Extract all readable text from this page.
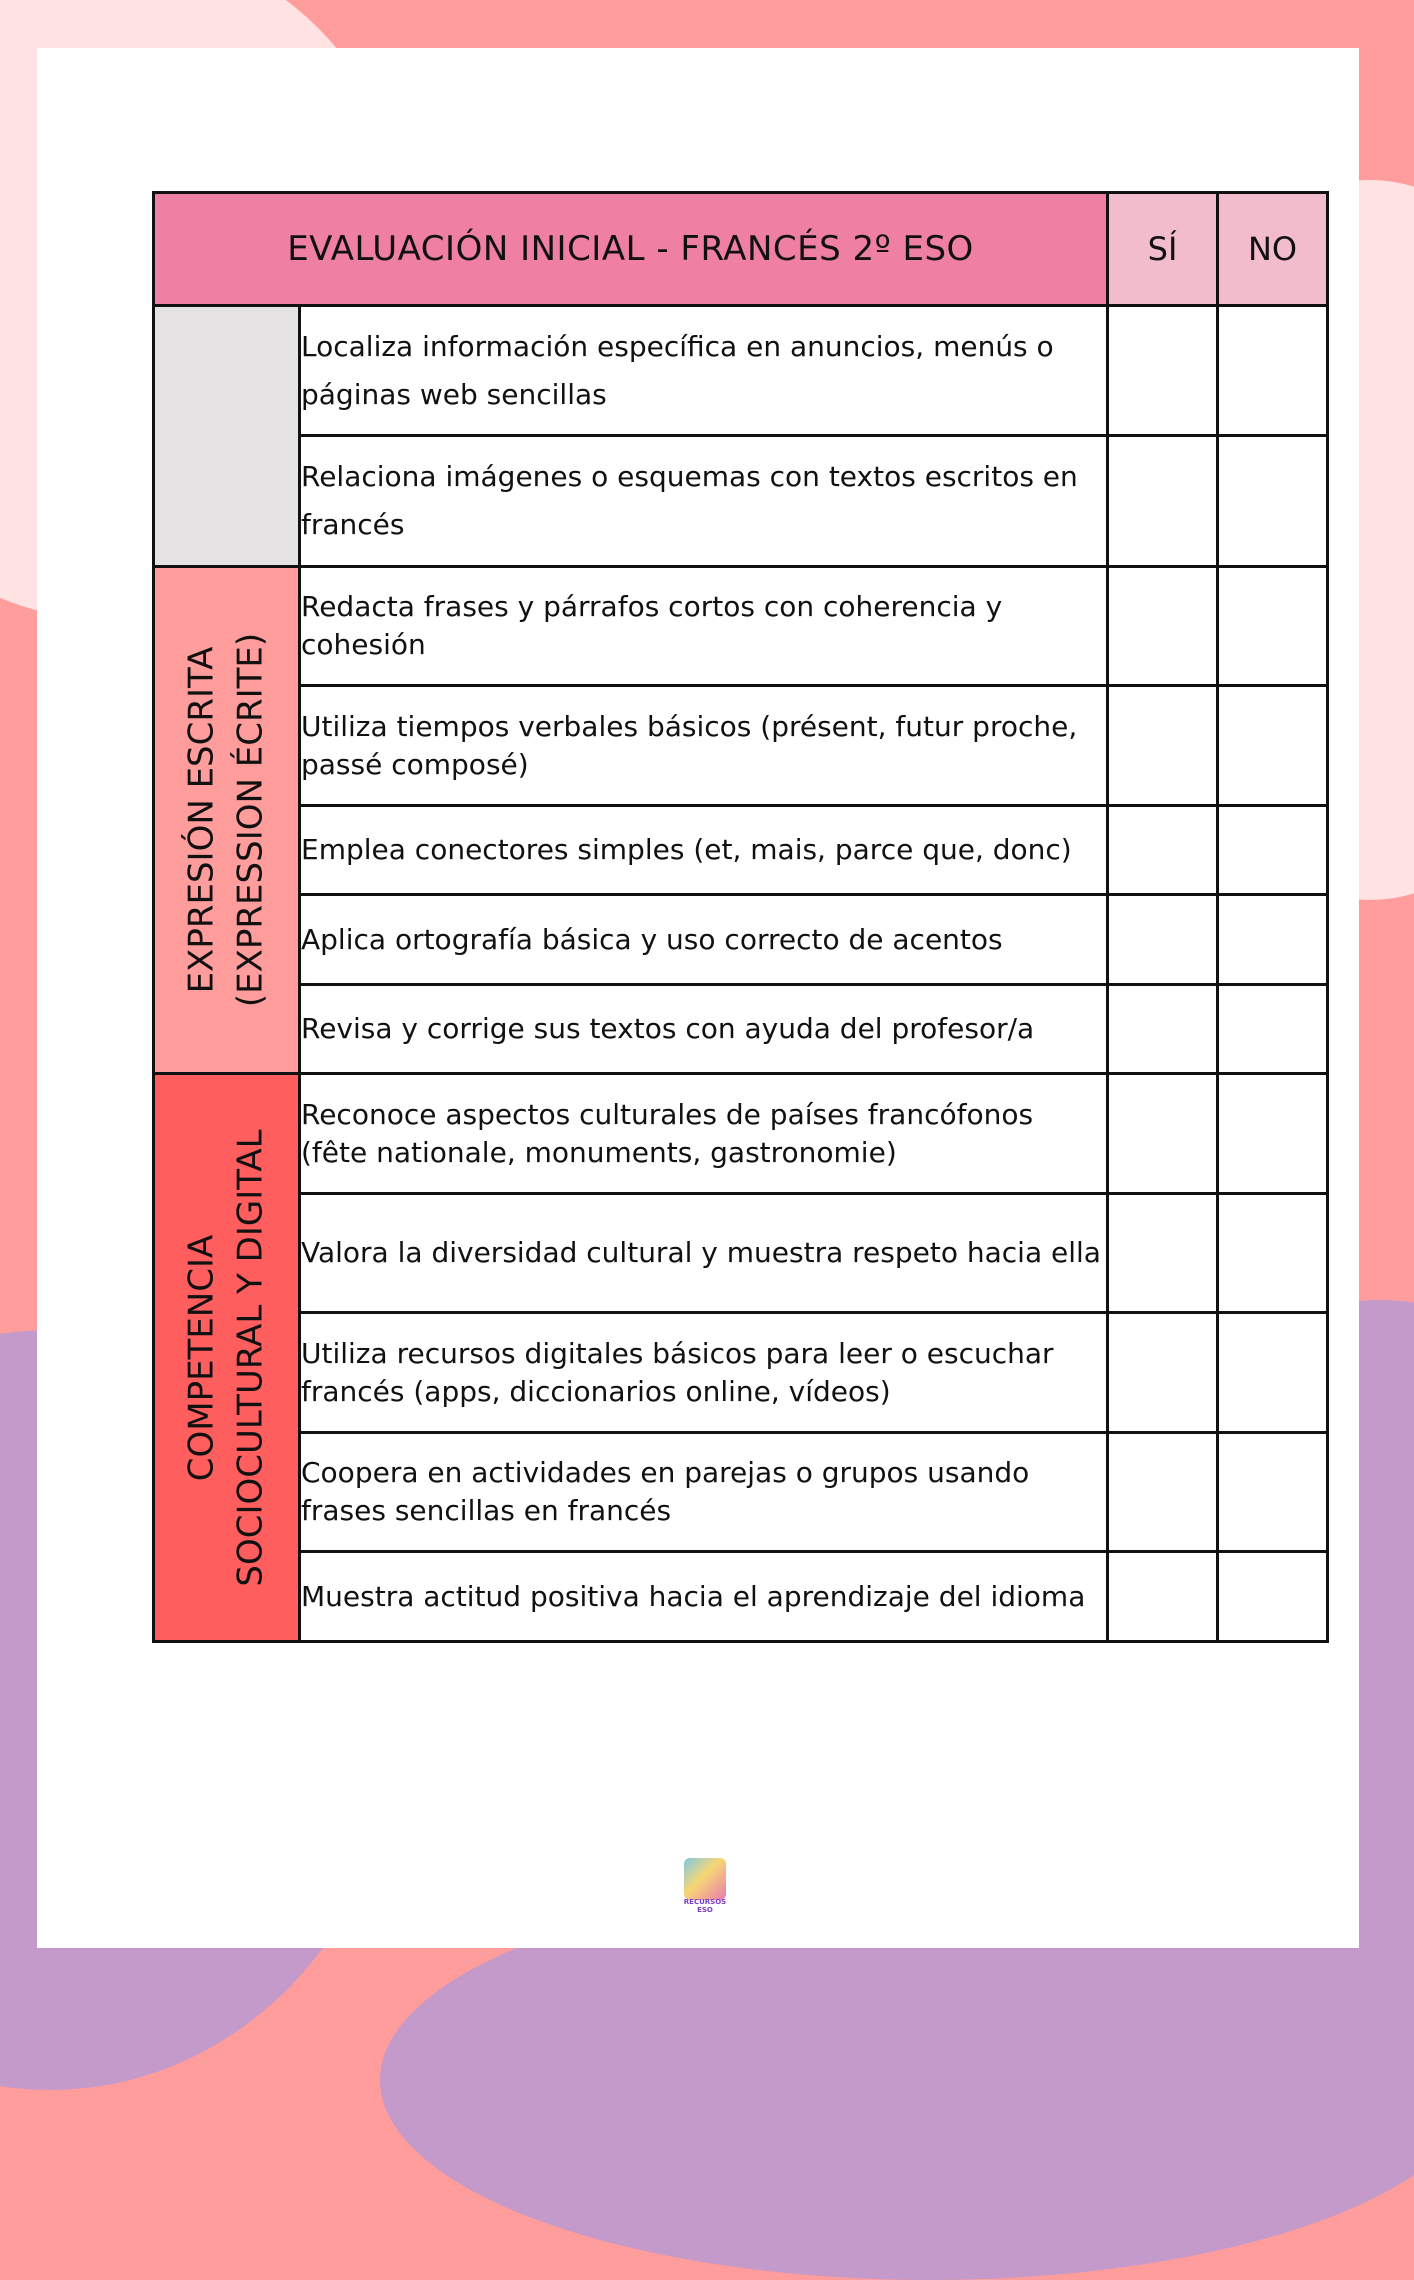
EVALUACIÓN INICIAL - FRANCÉS 2º ESO		SÍ	NO
	Localiza información específica en anuncios, menús o páginas web sencillas		
	Relaciona imágenes o esquemas con textos escritos en francés		

EXPRESIÓN ESCRITA (EXPRESSION ÉCRITE)	Redacta frases y párrafos cortos con coherencia y cohesión		
	Utiliza tiempos verbales básicos (présent, futur proche, passé composé)		
	Emplea conectores simples (et, mais, parce que, donc)		
	Aplica ortografía básica y uso correcto de acentos		
	Revisa y corrige sus textos con ayuda del profesor/a		

COMPETENCIA SOCIOCULTURAL Y DIGITAL	Reconoce aspectos culturales de países francófonos (fête nationale, monuments, gastronomie)		
	Valora la diversidad cultural y muestra respeto hacia ella		
	Utiliza recursos digitales básicos para leer o escuchar francés (apps, diccionarios online, vídeos)		
	Coopera en actividades en parejas o grupos usando frases sencillas en francés		
	Muestra actitud positiva hacia el aprendizaje del idioma		
RECURSOS ESO
